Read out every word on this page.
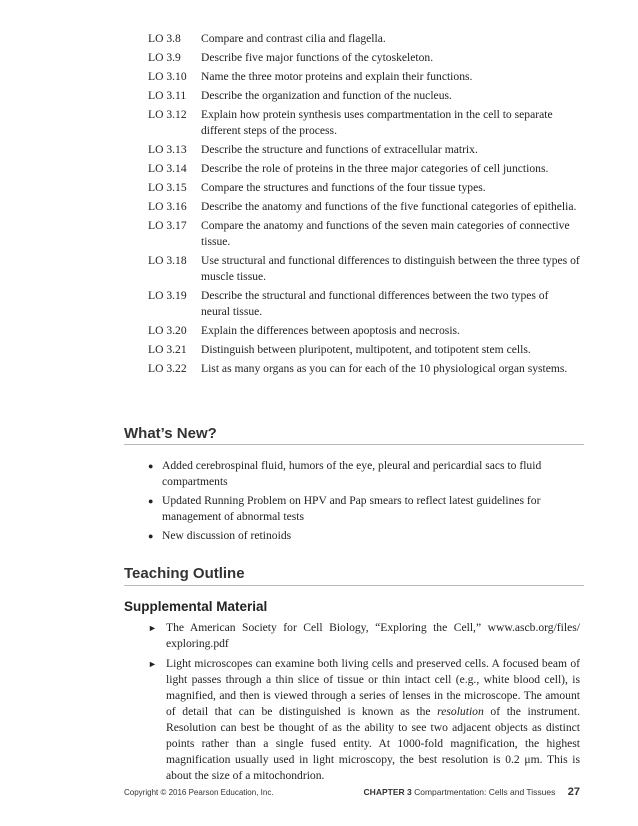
LO 3.8	Compare and contrast cilia and flagella.
LO 3.9	Describe five major functions of the cytoskeleton.
LO 3.10	Name the three motor proteins and explain their functions.
LO 3.11	Describe the organization and function of the nucleus.
LO 3.12	Explain how protein synthesis uses compartmentation in the cell to separate different steps of the process.
LO 3.13	Describe the structure and functions of extracellular matrix.
LO 3.14	Describe the role of proteins in the three major categories of cell junctions.
LO 3.15	Compare the structures and functions of the four tissue types.
LO 3.16	Describe the anatomy and functions of the five functional categories of epithelia.
LO 3.17	Compare the anatomy and functions of the seven main categories of connective tissue.
LO 3.18	Use structural and functional differences to distinguish between the three types of muscle tissue.
LO 3.19	Describe the structural and functional differences between the two types of neural tissue.
LO 3.20	Explain the differences between apoptosis and necrosis.
LO 3.21	Distinguish between pluripotent, multipotent, and totipotent stem cells.
LO 3.22	List as many organs as you can for each of the 10 physiological organ systems.
What’s New?
● Added cerebrospinal fluid, humors of the eye, pleural and pericardial sacs to fluid compartments
● Updated Running Problem on HPV and Pap smears to reflect latest guidelines for management of abnormal tests
● New discussion of retinoids
Teaching Outline
Supplemental Material
► The American Society for Cell Biology, “Exploring the Cell,” www.ascb.org/files/ exploring.pdf
► Light microscopes can examine both living cells and preserved cells. A focused beam of light passes through a thin slice of tissue or thin intact cell (e.g., white blood cell), is magnified, and then is viewed through a series of lenses in the microscope. The amount of detail that can be distinguished is known as the resolution of the instrument. Resolution can best be thought of as the ability to see two adjacent objects as distinct points rather than a single fused entity. At 1000-fold magnification, the highest magnification usually used in light microscopy, the best resolution is 0.2 μm. This is about the size of a mitochondrion.
Copyright © 2016 Pearson Education, Inc.	CHAPTER 3 Compartmentation: Cells and Tissues 27
